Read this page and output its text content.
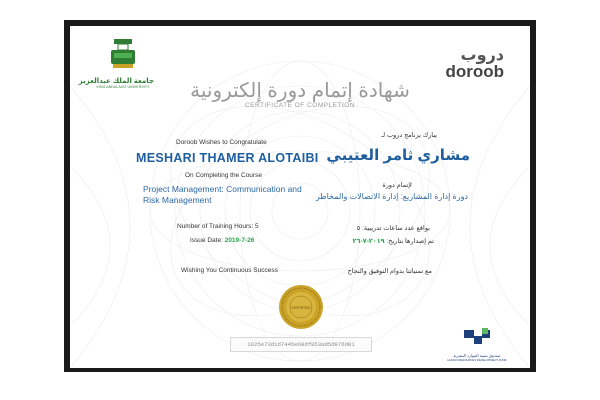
جامعة الملك عبدالعزيز
KING ABDULAZIZ UNIVERSITY
دروب
doroob
شهادة إتمام دورة إلكترونية
CERTIFICATE OF COMPLETION
Doroob Wishes to Congratulate
MESHARI THAMER ALOTAIBI
On Completing the Course
Project Management: Communication and Risk Management
Number of Training Hours: 5
Issue Date: 2019-7-26
Wishing You Continuous Success
يبارك برنامج دروب لـ
مشاري ثامر العتيبي
لإتمام دورة
دورة إدارة المشاريع: إدارة الاتصالات والمخاطر
بواقع عدد ساعات تدريبية: ٥
تم إصدارها بتاريخ: ٢٠١٩-٧-٢٦
مع تمنياتنا بدوام التوفيق والنجاح
CERTIFIED
1025e73d1d7445e69df853ad5d976d01
صندوق تنمية الموارد البشرية
HUMAN RESOURCES DEVELOPMENT FUND
